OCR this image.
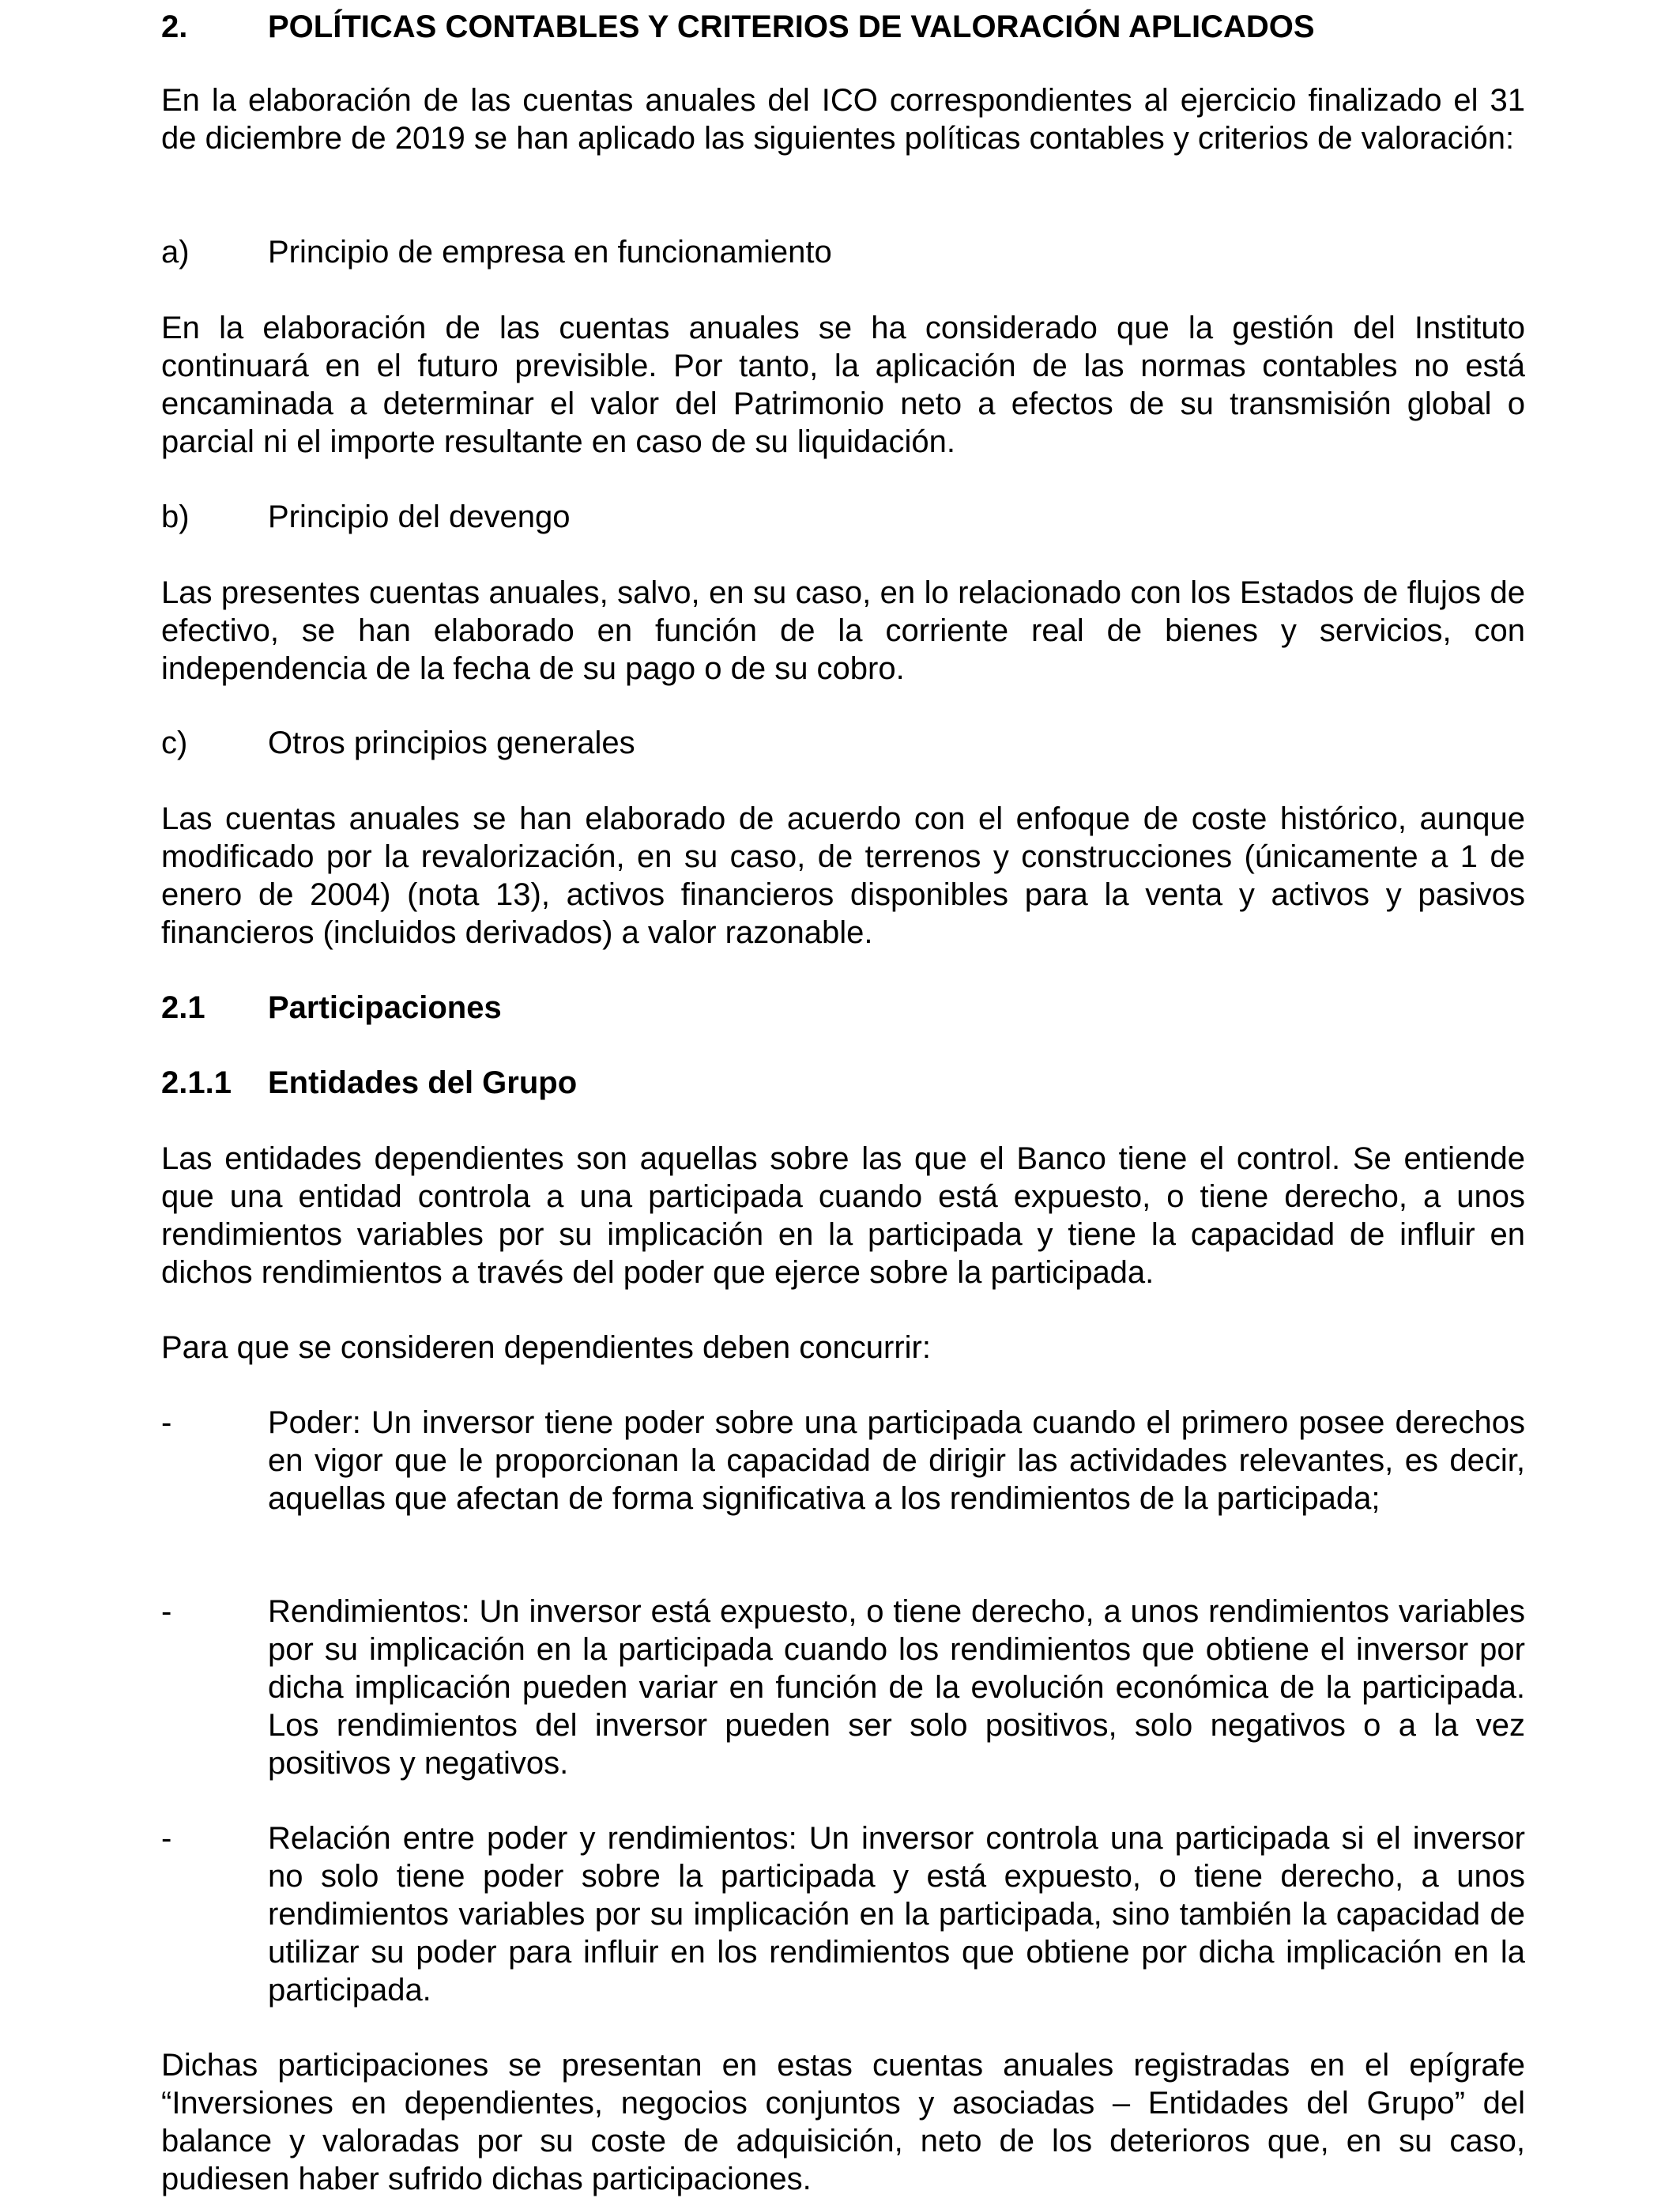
2.	POLÍTICAS CONTABLES Y CRITERIOS DE VALORACIÓN APLICADOS

En la elaboración de las cuentas anuales del ICO correspondientes al ejercicio finalizado el 31 de diciembre de 2019 se han aplicado las siguientes políticas contables y criterios de valoración:

a) Principio de empresa en funcionamiento

En la elaboración de las cuentas anuales se ha considerado que la gestión del Instituto continuará en el futuro previsible. Por tanto, la aplicación de las normas contables no está encaminada a determinar el valor del Patrimonio neto a efectos de su transmisión global o parcial ni el importe resultante en caso de su liquidación.

b) Principio del devengo

Las presentes cuentas anuales, salvo, en su caso, en lo relacionado con los Estados de flujos de efectivo, se han elaborado en función de la corriente real de bienes y servicios, con independencia de la fecha de su pago o de su cobro.

c)	Otros principios generales

Las cuentas anuales se han elaborado de acuerdo con el enfoque de coste histórico, aunque modificado por la revalorización, en su caso, de terrenos y construcciones (únicamente a 1 de enero de 2004) (nota 13), activos financieros disponibles para la venta y activos y pasivos financieros (incluidos derivados) a valor razonable.

2.1 Participaciones
2.1.1 Entidades del Grupo

Las entidades dependientes son aquellas sobre las que el Banco tiene el control. Se entiende que una entidad controla a una participada cuando está expuesto, o tiene derecho, a unos rendimientos variables por su implicación en la participada y tiene la capacidad de influir en dichos rendimientos a través del poder que ejerce sobre la participada.

Para que se consideren dependientes deben concurrir:

-	Poder: Un inversor tiene poder sobre una participada cuando el primero posee derechos en vigor que le proporcionan la capacidad de dirigir las actividades relevantes, es decir, aquellas que afectan de forma significativa a los rendimientos de la participada;
-	Rendimientos: Un inversor está expuesto, o tiene derecho, a unos rendimientos variables por su implicación en la participada cuando los rendimientos que obtiene el inversor por dicha implicación pueden variar en función de la evolución económica de la participada. Los rendimientos del inversor pueden ser solo positivos, solo negativos o a la vez positivos y negativos.
-	Relación entre poder y rendimientos: Un inversor controla una participada si el inversor no solo tiene poder sobre la participada y está expuesto, o tiene derecho, a unos rendimientos variables por su implicación en la participada, sino también la capacidad de utilizar su poder para influir en los rendimientos que obtiene por dicha implicación en la participada.

Dichas participaciones se presentan en estas cuentas anuales registradas en el epígrafe “Inversiones en dependientes, negocios conjuntos y asociadas – Entidades del Grupo” del balance y valoradas por su coste de adquisición, neto de los deterioros que, en su caso, pudiesen haber sufrido dichas participaciones.
